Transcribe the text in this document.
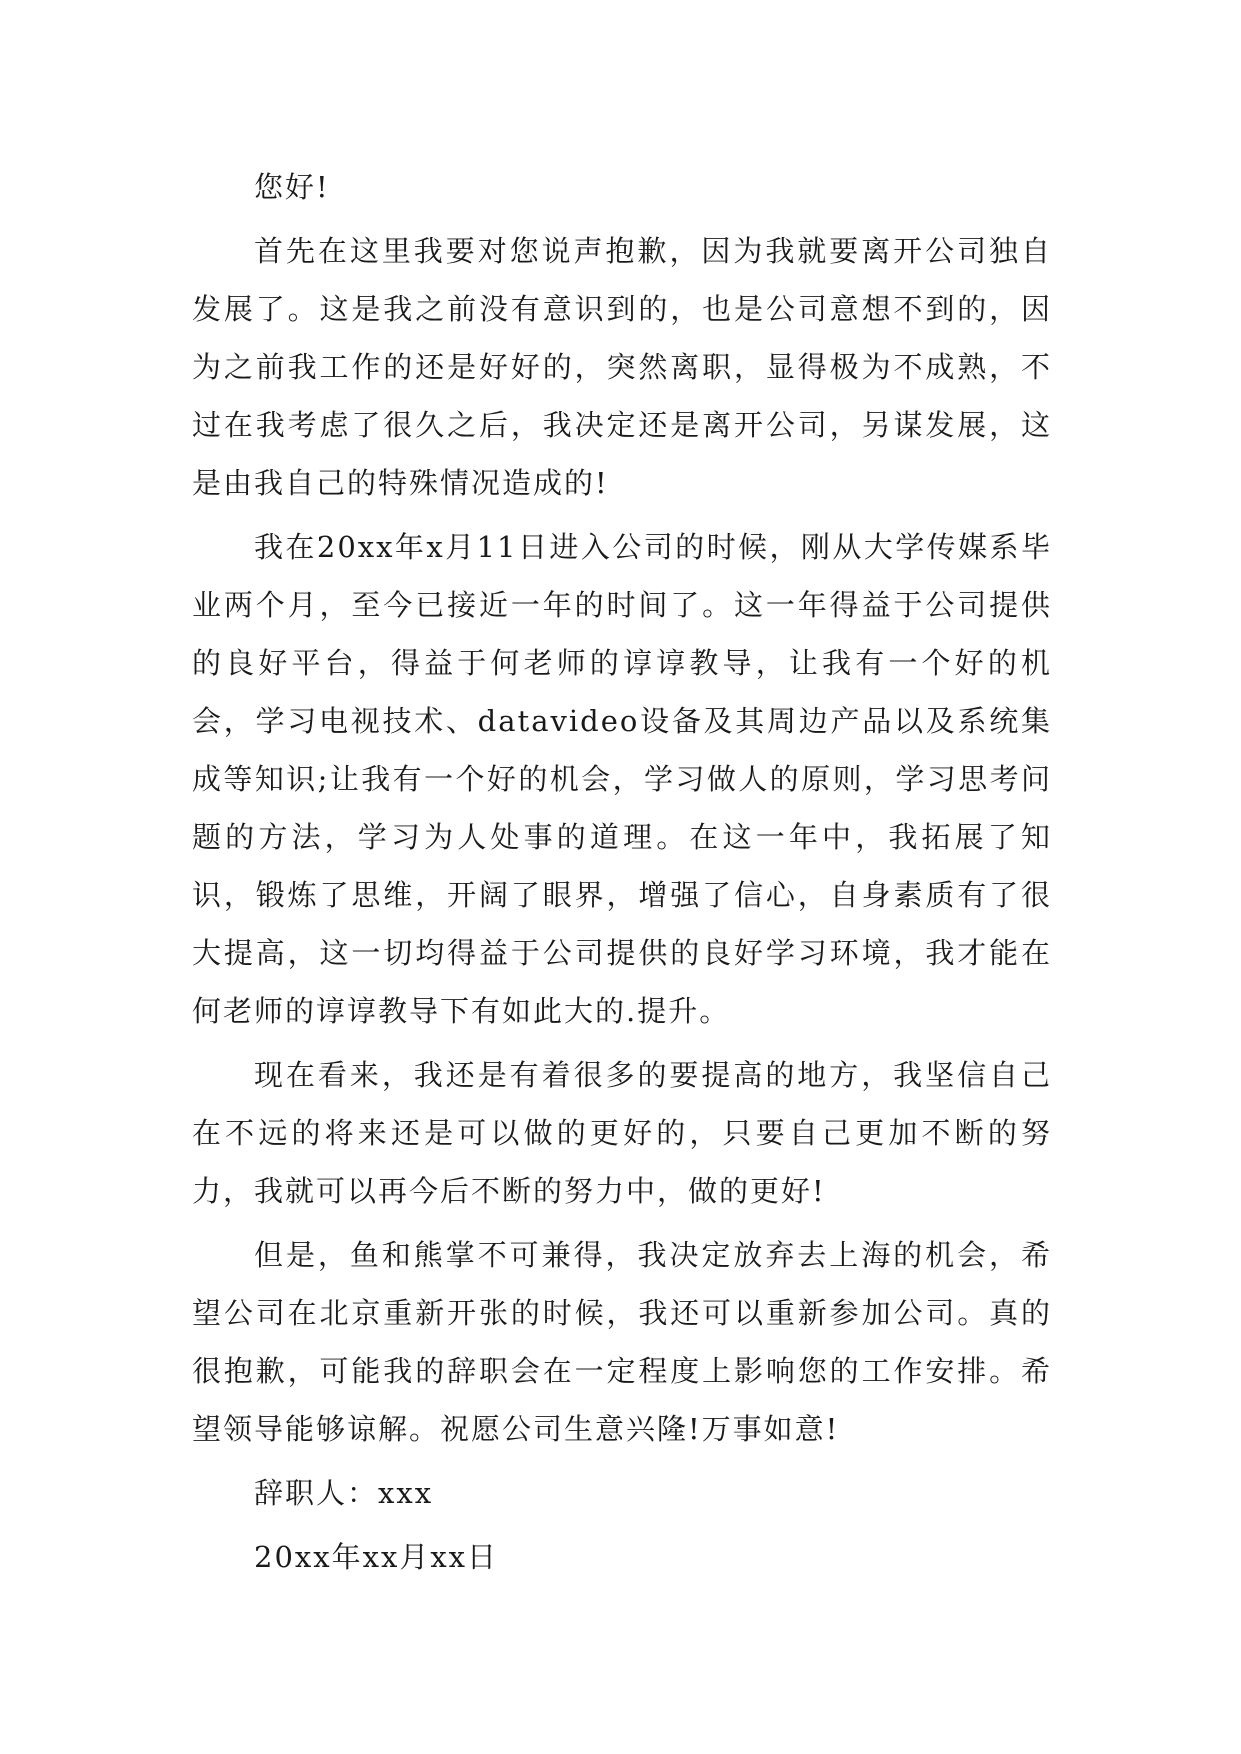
您好!

首先在这里我要对您说声抱歉，因为我就要离开公司独自发展了。这是我之前没有意识到的，也是公司意想不到的，因为之前我工作的还是好好的，突然离职，显得极为不成熟，不过在我考虑了很久之后，我决定还是离开公司，另谋发展，这是由我自己的特殊情况造成的!

我在20xx年x月11日进入公司的时候，刚从大学传媒系毕业两个月，至今已接近一年的时间了。这一年得益于公司提供的良好平台，得益于何老师的谆谆教导，让我有一个好的机会，学习电视技术、datavideo设备及其周边产品以及系统集成等知识;让我有一个好的机会，学习做人的原则，学习思考问题的方法，学习为人处事的道理。在这一年中，我拓展了知识，锻炼了思维，开阔了眼界，增强了信心，自身素质有了很大提高，这一切均得益于公司提供的良好学习环境，我才能在何老师的谆谆教导下有如此大的.提升。

现在看来，我还是有着很多的要提高的地方，我坚信自己在不远的将来还是可以做的更好的，只要自己更加不断的努力，我就可以再今后不断的努力中，做的更好!

但是，鱼和熊掌不可兼得，我决定放弃去上海的机会，希望公司在北京重新开张的时候，我还可以重新参加公司。真的很抱歉，可能我的辞职会在一定程度上影响您的工作安排。希望领导能够谅解。祝愿公司生意兴隆!万事如意!

辞职人：xxx
20xx年xx月xx日
